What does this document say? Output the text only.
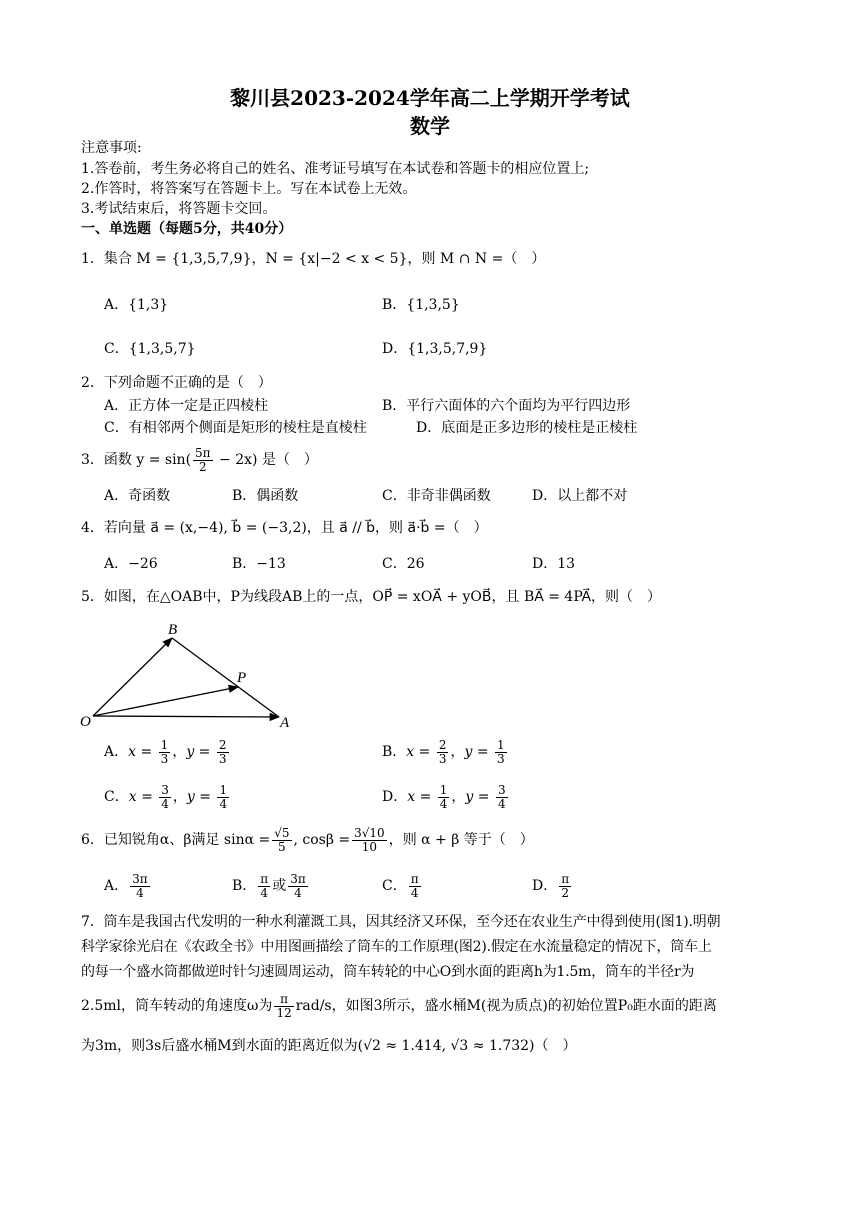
黎川县2023-2024学年高二上学期开学考试
数学
注意事项:
1.答卷前，考生务必将自己的姓名、准考证号填写在本试卷和答题卡的相应位置上;
2.作答时，将答案写在答题卡上。写在本试卷上无效。
3.考试结束后，将答题卡交回。
一、单选题（每题5分，共40分）
1．集合 M = {1,3,5,7,9}，N = {x|−2 < x < 5}，则 M ∩ N =（　）
A．{1,3}	B．{1,3,5}
C．{1,3,5,7}	D．{1,3,5,7,9}
2．下列命题不正确的是（　）
A．正方体一定是正四棱柱	B．平行六面体的六个面均为平行四边形
C．有相邻两个侧面是矩形的棱柱是直棱柱	D．底面是正多边形的棱柱是正棱柱
3．函数 $y = \sin( \frac{5\pi}{2} - 2x)$ 是（　）
A．奇函数	B．偶函数	C．非奇非偶函数	D．以上都不对
4．若向量 a⃗ = (x,−4), b⃗ = (−3,2)，且 a⃗ // b⃗，则 a⃗·b⃗ =（　）
A．−26	B．−13	C．26	D．13
5．如图，在△OAB中，P为线段AB上的一点，OP⃗ = xOA⃗ + yOB⃗，且 BA⃗ = 4PA⃗，则（　）
B
P
O	A
A．$x = \frac{1}{3}$ ，$y = \frac{2}{3}$	B．$x = \frac{2}{3}$ ，$y = \frac{1}{3}$
C．$x = \frac{3}{4}$ ，$y = \frac{1}{4}$	D．$x = \frac{1}{4}$ ，$y = \frac{3}{4}$
6．已知锐角α、β满足 $\sin\alpha = \frac{√5}{5}$ , $\cos\beta = \frac{3√10}{10}$ ，则 α + β 等于（　）
A． $\frac{3\pi}{4}$	B． $\frac{\pi}{4}$ 或 $\frac{3\pi}{4}$	C． $\frac{\pi}{4}$	D． $\frac{\pi}{2}$
7．筒车是我国古代发明的一种水利灌溉工具，因其经济又环保，至今还在农业生产中得到使用(图1).明朝
科学家徐光启在《农政全书》中用图画描绘了筒车的工作原理(图2).假定在水流量稳定的情况下，筒车上
的每一个盛水筒都做逆时针匀速圆周运动，筒车转轮的中心O到水面的距离h为1.5m，筒车的半径r为
2.5ml，筒车转动的角速度ω为 $\frac{\pi}{12} rad/s$，如图3所示，盛水桶M(视为质点)的初始位置P₀距水面的距离
为3m，则3s后盛水桶M到水面的距离近似为(√2 ≈ 1.414, √3 ≈ 1.732)（　）
